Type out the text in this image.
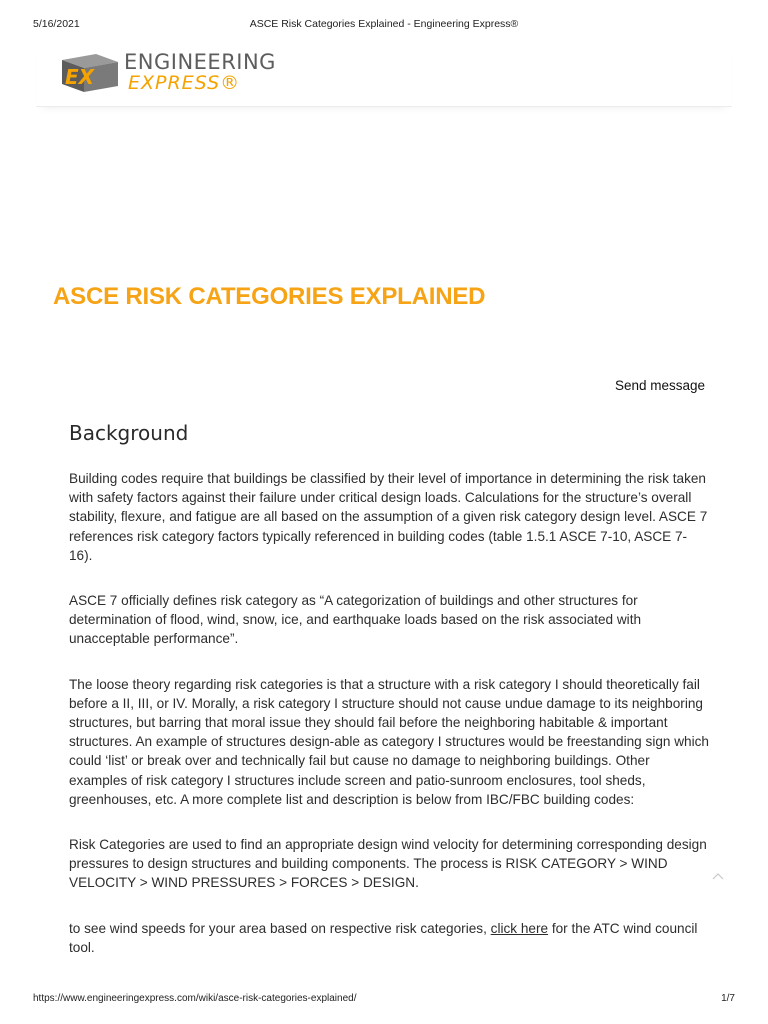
5/16/2021	ASCE Risk Categories Explained - Engineering Express®
EX
ENGINEERING
EXPRESS®
ASCE RISK CATEGORIES EXPLAINED
Send message
Background

Building codes require that buildings be classified by their level of importance in determining the risk taken with safety factors against their failure under critical design loads. Calculations for the structure’s overall stability, flexure, and fatigue are all based on the assumption of a given risk category design level. ASCE 7 references risk category factors typically referenced in building codes (table 1.5.1 ASCE 7-10, ASCE 7-16).

ASCE 7 officially defines risk category as “A categorization of buildings and other structures for determination of flood, wind, snow, ice, and earthquake loads based on the risk associated with unacceptable performance”.

The loose theory regarding risk categories is that a structure with a risk category I should theoretically fail before a II, III, or IV. Morally, a risk category I structure should not cause undue damage to its neighboring structures, but barring that moral issue they should fail before the neighboring habitable & important structures. An example of structures design-able as category I structures would be freestanding sign which could ‘list’ or break over and technically fail but cause no damage to neighboring buildings. Other examples of risk category I structures include screen and patio-sunroom enclosures, tool sheds, greenhouses, etc. A more complete list and description is below from IBC/FBC building codes:

Risk Categories are used to find an appropriate design wind velocity for determining corresponding design pressures to design structures and building components. The process is RISK CATEGORY > WIND VELOCITY > WIND PRESSURES > FORCES > DESIGN.

to see wind speeds for your area based on respective risk categories, click here for the ATC wind council tool.

https://www.engineeringexpress.com/wiki/asce-risk-categories-explained/	1/7
